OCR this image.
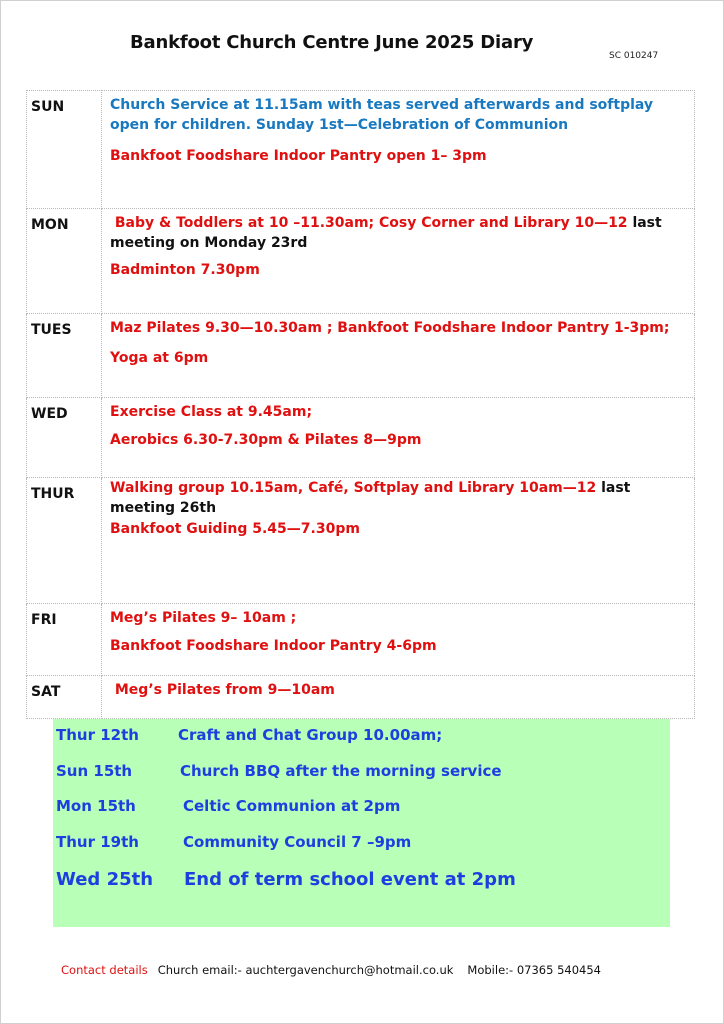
Bankfoot Church Centre June 2025 Diary
SC 010247
SUN	Church Service at 11.15am with teas served afterwards and softplay open for children. Sunday 1st—Celebration of Communion
Bankfoot Foodshare Indoor Pantry open 1– 3pm

MON	Baby & Toddlers at 10 –11.30am; Cosy Corner and Library 10—12 last meeting on Monday 23rd
Badminton 7.30pm

TUES	Maz Pilates 9.30—10.30am ; Bankfoot Foodshare Indoor Pantry 1-3pm;
Yoga at 6pm

WED	Exercise Class at 9.45am;
Aerobics 6.30-7.30pm & Pilates 8—9pm

THUR	Walking group 10.15am, Café, Softplay and Library 10am—12 last meeting 26th
Bankfoot Guiding 5.45—7.30pm

FRI	Meg’s Pilates 9– 10am ;
Bankfoot Foodshare Indoor Pantry 4-6pm

SAT	Meg’s Pilates from 9—10am
Thur 12th	Craft and Chat Group 10.00am;
Sun 15th	Church BBQ after the morning service
Mon 15th	Celtic Communion at 2pm
Thur 19th	Community Council 7 –9pm
Wed 25th End of term school event at 2pm
Contact details Church email:- auchtergavenchurch@hotmail.co.uk Mobile:- 07365 540454
